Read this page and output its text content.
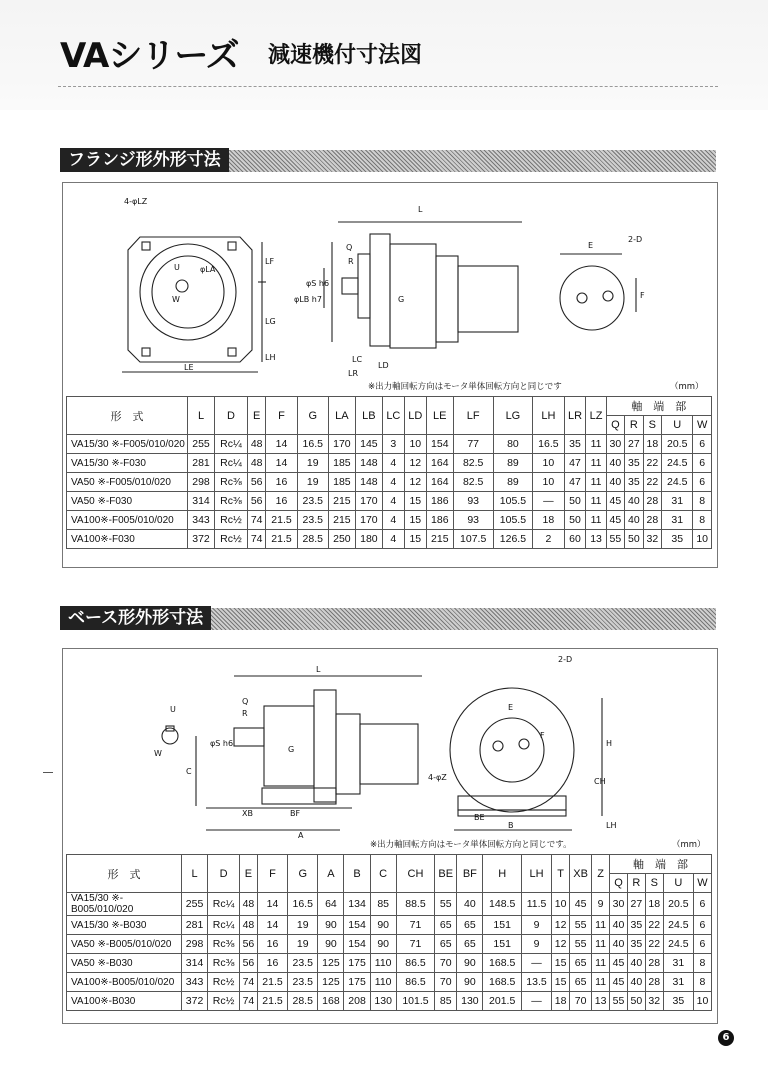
VAシリーズ 減速機付寸法図
フランジ形外形寸法
4-φLZ
LF
LG
LH
LE
φLA
U
W
L
Q
R
φLB h7
φS h6
G
LC
LD
LR
E
2-D
F
※出力軸回転方向はモータ単体回転方向と同じです	（mm）
形　式	L	D	E	F	G	LA	LB	LC	LD	LE	LF	LG	LH	LR	LZ	軸　端　部				
																Q	R	S	U	W
VA15/30 ※-F005/010/020	255	Rc¼	48	14	16.5	170	145	3	10	154	77	80	16.5	35	11	30	27	18	20.5	6
VA15/30 ※-F030	281	Rc¼	48	14	19	185	148	4	12	164	82.5	89	10	47	11	40	35	22	24.5	6
VA50 ※-F005/010/020	298	Rc⅜	56	16	19	185	148	4	12	164	82.5	89	10	47	11	40	35	22	24.5	6
VA50 ※-F030	314	Rc⅜	56	16	23.5	215	170	4	15	186	93	105.5	—	50	11	45	40	28	31	8
VA100※-F005/010/020	343	Rc½	74	21.5	23.5	215	170	4	15	186	93	105.5	18	50	11	45	40	28	31	8
VA100※-F030	372	Rc½	74	21.5	28.5	250	180	4	15	215	107.5	126.5	2	60	13	55	50	32	35	10
ベース形外形寸法
U
W
L
Q
R
φS h6
C
G
XB	BF
A
2-D
E
F
H
CH
4-φZ
BE
B	LH
※出力軸回転方向はモータ単体回転方向と同じです。	（mm）
形　式	L	D	E	F	G	A	B	C	CH	BE	BF	H	LH	T	XB	Z	軸　端　部				
																	Q	R	S	U	W
VA15/30 ※-B005/010/020	255	Rc¼	48	14	16.5	64	134	85	88.5	55	40	148.5	11.5	10	45	9	30	27	18	20.5	6
VA15/30 ※-B030	281	Rc¼	48	14	19	90	154	90	71	65	65	151	9	12	55	11	40	35	22	24.5	6
VA50 ※-B005/010/020	298	Rc⅜	56	16	19	90	154	90	71	65	65	151	9	12	55	11	40	35	22	24.5	6
VA50 ※-B030	314	Rc⅜	56	16	23.5	125	175	110	86.5	70	90	168.5	—	15	65	11	45	40	28	31	8
VA100※-B005/010/020	343	Rc½	74	21.5	23.5	125	175	110	86.5	70	90	168.5	13.5	15	65	11	45	40	28	31	8
VA100※-B030	372	Rc½	74	21.5	28.5	168	208	130	101.5	85	130	201.5	—	18	70	13	55	50	32	35	10
6
